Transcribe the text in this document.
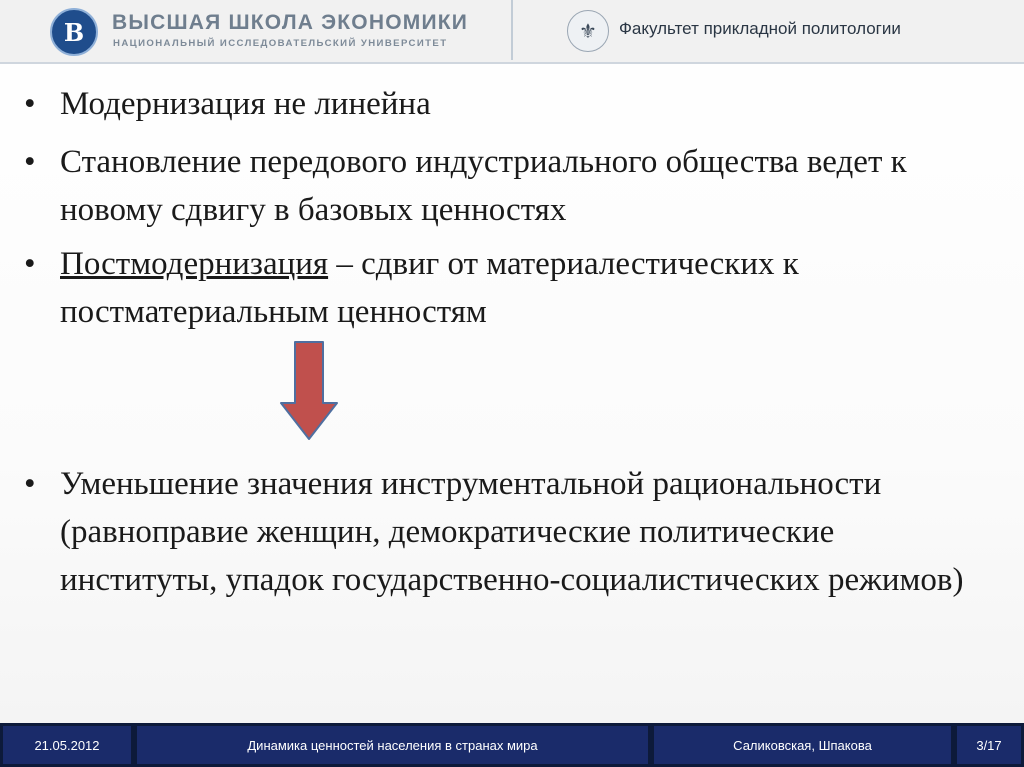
В	ВЫСШАЯ ШКОЛА ЭКОНОМИКИ
НАЦИОНАЛЬНЫЙ ИССЛЕДОВАТЕЛЬСКИЙ УНИВЕРСИТЕТ
⚜	Факультет прикладной политологии
• Модернизация не линейна
• Становление передового индустриального общества ведет к новому сдвигу в базовых ценностях
• Постмодернизация – сдвиг от материалестических к постматериальным ценностям
• Уменьшение значения инструментальной рациональности (равноправие женщин, демократические политические институты, упадок государственно-социалистических режимов)
21.05.2012	Динамика ценностей населения в странах мира	Саликовская, Шпакова	3/17
